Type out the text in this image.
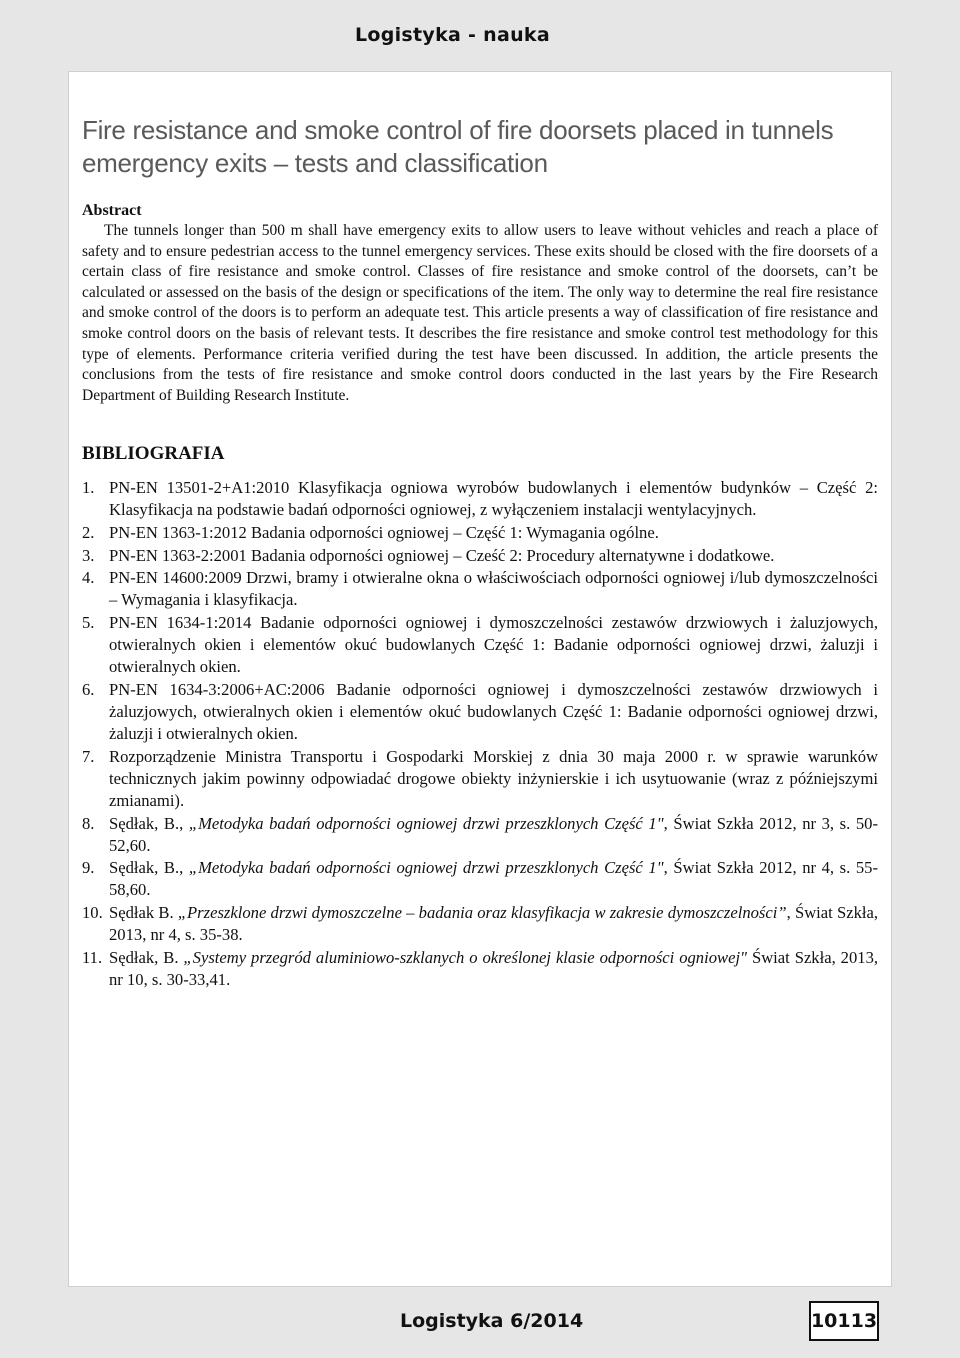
Logistyka - nauka
Fire resistance and smoke control of fire doorsets placed in tunnels
emergency exits – tests and classification
Abstract

The tunnels longer than 500 m shall have emergency exits to allow users to leave without vehicles and reach a place of safety and to ensure pedestrian access to the tunnel emergency services. These exits should be closed with the fire doorsets of a certain class of fire resistance and smoke control. Classes of fire resistance and smoke control of the doorsets, can’t be calculated or assessed on the basis of the design or specifications of the item. The only way to determine the real fire resistance and smoke control of the doors is to perform an adequate test. This article presents a way of classification of fire resistance and smoke control doors on the basis of relevant tests. It describes the fire resistance and smoke control test methodology for this type of elements. Performance criteria verified during the test have been discussed. In addition, the article presents the conclusions from the tests of fire resistance and smoke control doors conducted in the last years by the Fire Research Department of Building Research Institute.

BIBLIOGRAFIA
1. PN-EN 13501-2+A1:2010 Klasyfikacja ogniowa wyrobów budowlanych i elementów budynków – Część 2: Klasyfikacja na podstawie badań odporności ogniowej, z wyłączeniem instalacji wentylacyjnych.
2. PN-EN 1363-1:2012 Badania odporności ogniowej – Część 1: Wymagania ogólne.
3. PN-EN 1363-2:2001 Badania odporności ogniowej – Cześć 2: Procedury alternatywne i dodatkowe.
4. PN-EN 14600:2009 Drzwi, bramy i otwieralne okna o właściwościach odporności ogniowej i/lub dymoszczelności – Wymagania i klasyfikacja.
5. PN-EN 1634-1:2014 Badanie odporności ogniowej i dymoszczelności zestawów drzwiowych i żaluzjowych, otwieralnych okien i elementów okuć budowlanych Część 1: Badanie odporności ogniowej drzwi, żaluzji i otwieralnych okien.
6. PN-EN 1634-3:2006+AC:2006 Badanie odporności ogniowej i dymoszczelności zestawów drzwiowych i żaluzjowych, otwieralnych okien i elementów okuć budowlanych Część 1: Badanie odporności ogniowej drzwi, żaluzji i otwieralnych okien.
7. Rozporządzenie Ministra Transportu i Gospodarki Morskiej z dnia 30 maja 2000 r. w sprawie warunków technicznych jakim powinny odpowiadać drogowe obiekty inżynierskie i ich usytuowanie (wraz z późniejszymi zmianami).
8. Sędłak, B., „Metodyka badań odporności ogniowej drzwi przeszklonych Część 1", Świat Szkła 2012, nr 3, s. 50-52,60.
9. Sędłak, B., „Metodyka badań odporności ogniowej drzwi przeszklonych Część 1", Świat Szkła 2012, nr 4, s. 55-58,60.
10. Sędłak B. „Przeszklone drzwi dymoszczelne – badania oraz klasyfikacja w zakresie dymoszczelności”, Świat Szkła, 2013, nr 4, s. 35-38.
11. Sędłak, B. „Systemy przegród aluminiowo-szklanych o określonej klasie odporności ogniowej" Świat Szkła, 2013, nr 10, s. 30-33,41.
Logistyka 6/2014	10113
